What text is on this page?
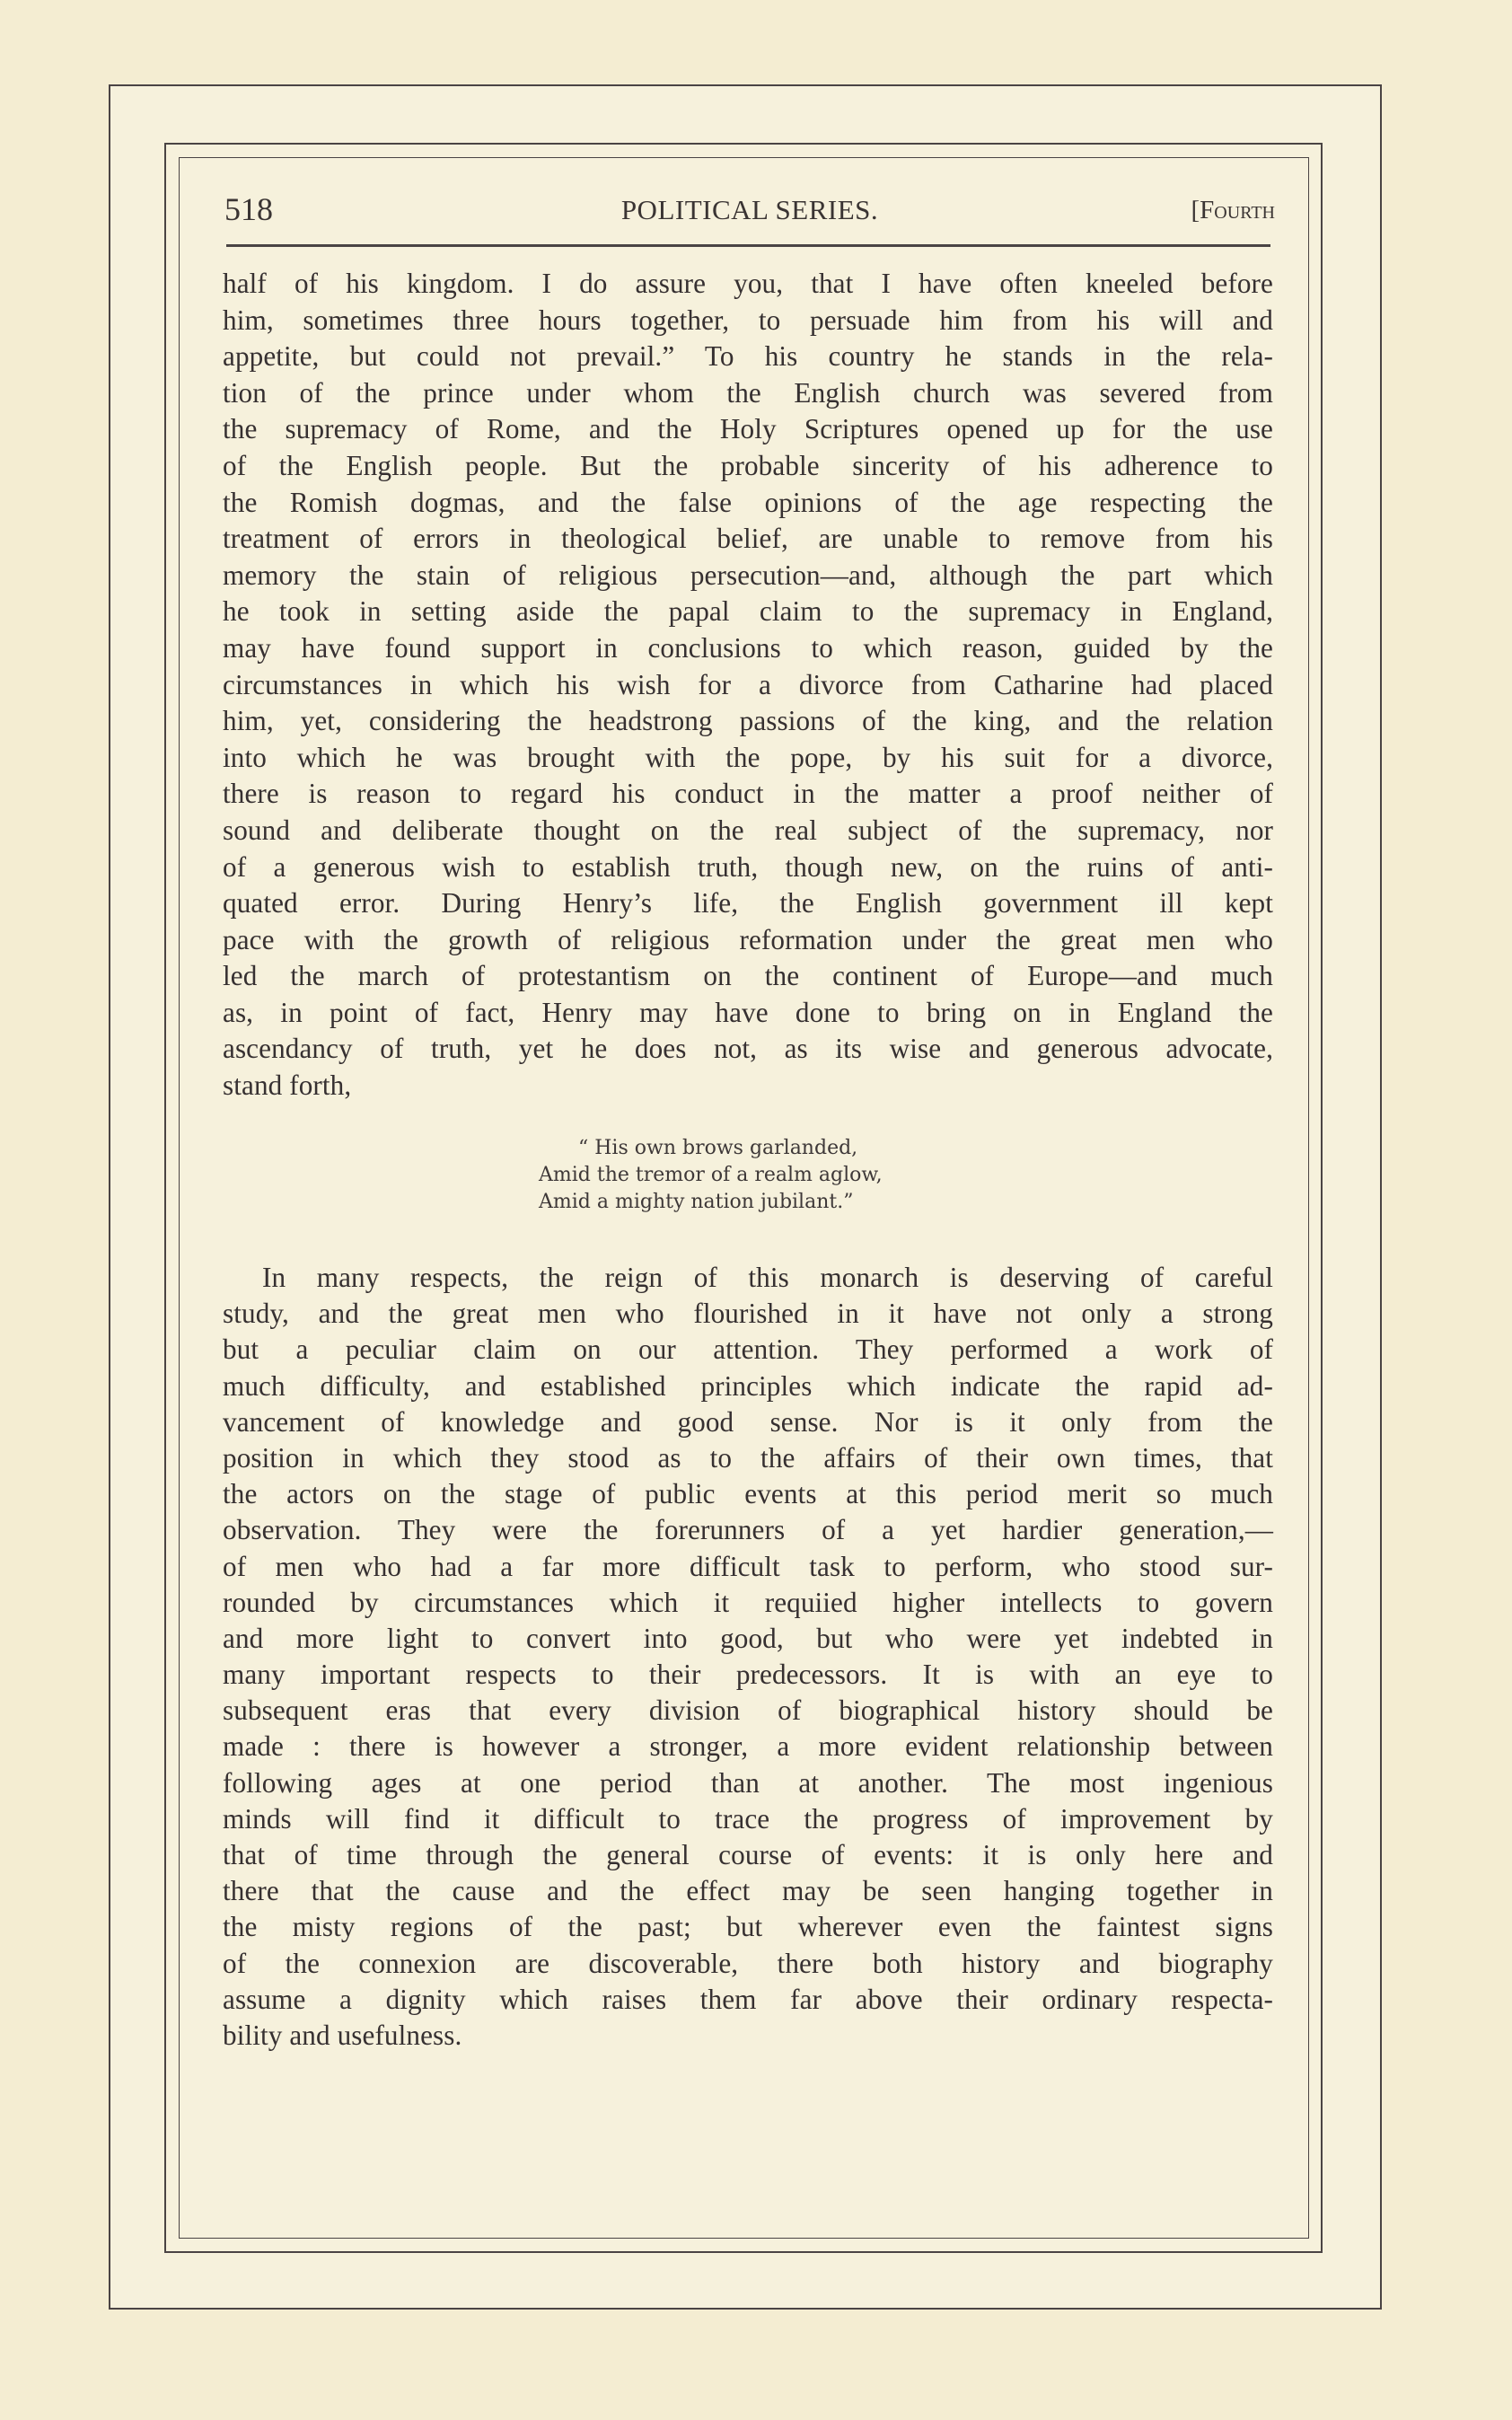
518	POLITICAL SERIES.	[Fourth
half of his kingdom. I do assure you, that I have often kneeled before
him, sometimes three hours together, to persuade him from his will and
appetite, but could not prevail.” To his country he stands in the rela-
tion of the prince under whom the English church was severed from
the supremacy of Rome, and the Holy Scriptures opened up for the use
of the English people. But the probable sincerity of his adherence to
the Romish dogmas, and the false opinions of the age respecting the
treatment of errors in theological belief, are unable to remove from his
memory the stain of religious persecution—and, although the part which
he took in setting aside the papal claim to the supremacy in England,
may have found support in conclusions to which reason, guided by the
circumstances in which his wish for a divorce from Catharine had placed
him, yet, considering the headstrong passions of the king, and the relation
into which he was brought with the pope, by his suit for a divorce,
there is reason to regard his conduct in the matter a proof neither of
sound and deliberate thought on the real subject of the supremacy, nor
of a generous wish to establish truth, though new, on the ruins of anti-
quated error. During Henry’s life, the English government ill kept
pace with the growth of religious reformation under the great men who
led the march of protestantism on the continent of Europe—and much
as, in point of fact, Henry may have done to bring on in England the
ascendancy of truth, yet he does not, as its wise and generous advocate,
stand forth,
“ His own brows garlanded,
Amid the tremor of a realm aglow,
Amid a mighty nation jubilant.”
In many respects, the reign of this monarch is deserving of careful
study, and the great men who flourished in it have not only a strong
but a peculiar claim on our attention. They performed a work of
much difficulty, and established principles which indicate the rapid ad-
vancement of knowledge and good sense. Nor is it only from the
position in which they stood as to the affairs of their own times, that
the actors on the stage of public events at this period merit so much
observation. They were the forerunners of a yet hardier generation,—
of men who had a far more difficult task to perform, who stood sur-
rounded by circumstances which it requiied higher intellects to govern
and more light to convert into good, but who were yet indebted in
many important respects to their predecessors. It is with an eye to
subsequent eras that every division of biographical history should be
made : there is however a stronger, a more evident relationship between
following ages at one period than at another. The most ingenious
minds will find it difficult to trace the progress of improvement by
that of time through the general course of events: it is only here and
there that the cause and the effect may be seen hanging together in
the misty regions of the past; but wherever even the faintest signs
of the connexion are discoverable, there both history and biography
assume a dignity which raises them far above their ordinary respecta-
bility and usefulness.
